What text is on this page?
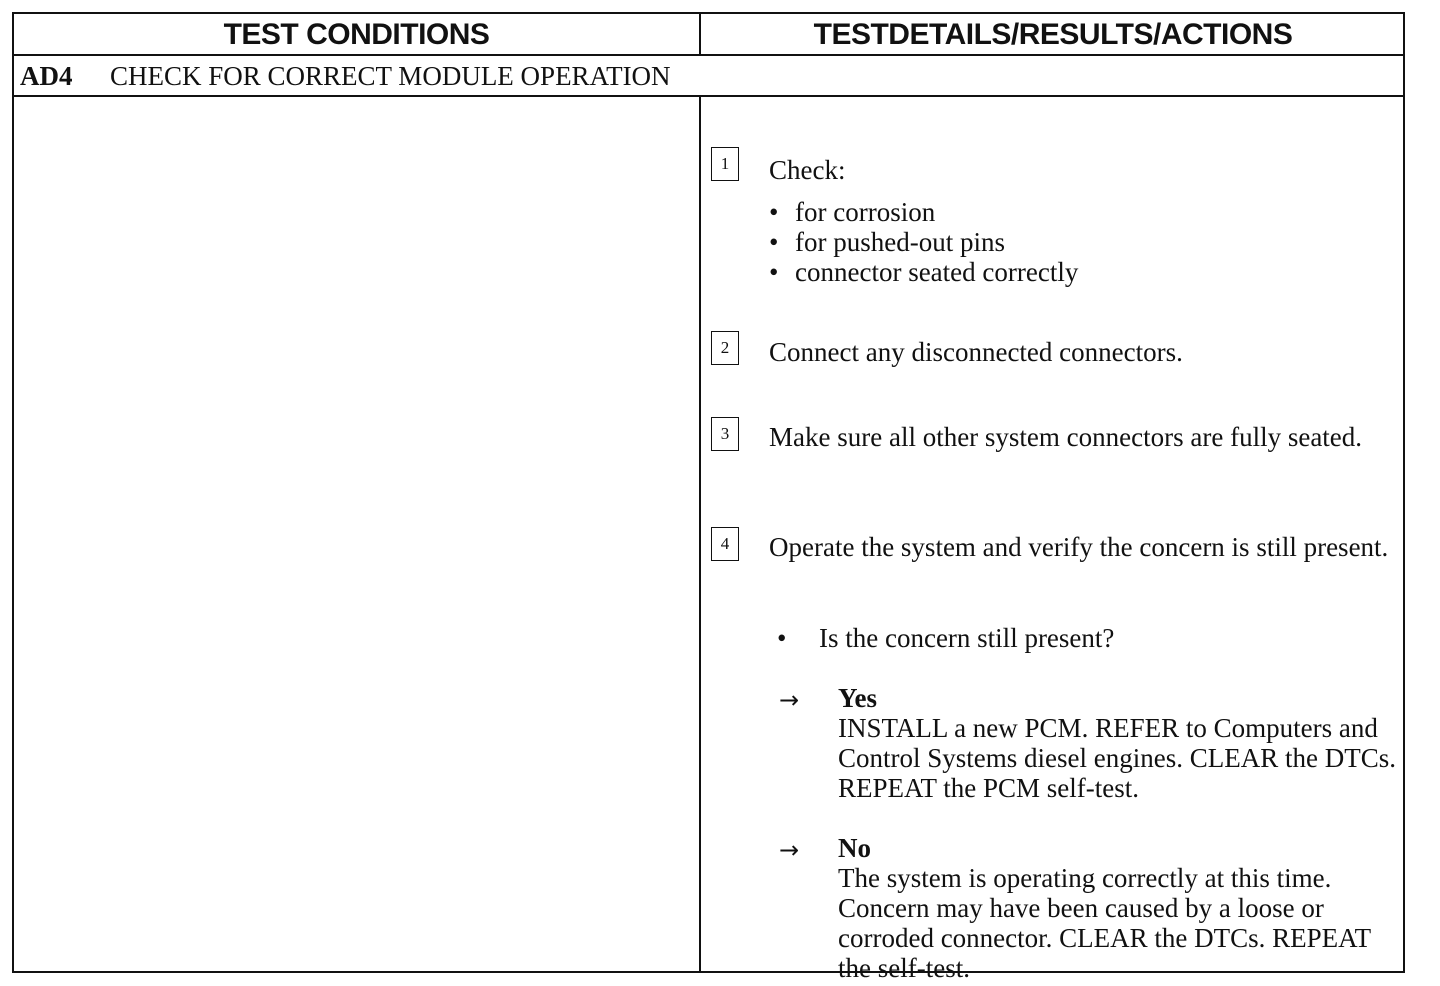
TEST CONDITIONS	TESTDETAILS/RESULTS/ACTIONS
AD4 CHECK FOR CORRECT MODULE OPERATION
1	Check:
• for corrosion
• for pushed-out pins
• connector seated correctly
2	Connect any disconnected connectors.
3	Make sure all other system connectors are fully seated.
4	Operate the system and verify the concern is still present.
• Is the concern still present?
→ Yes
INSTALL a new PCM. REFER to Computers and Control Systems diesel engines. CLEAR the DTCs. REPEAT the PCM self-test.
→ No
The system is operating correctly at this time. Concern may have been caused by a loose or corroded connector. CLEAR the DTCs. REPEAT the self-test.
